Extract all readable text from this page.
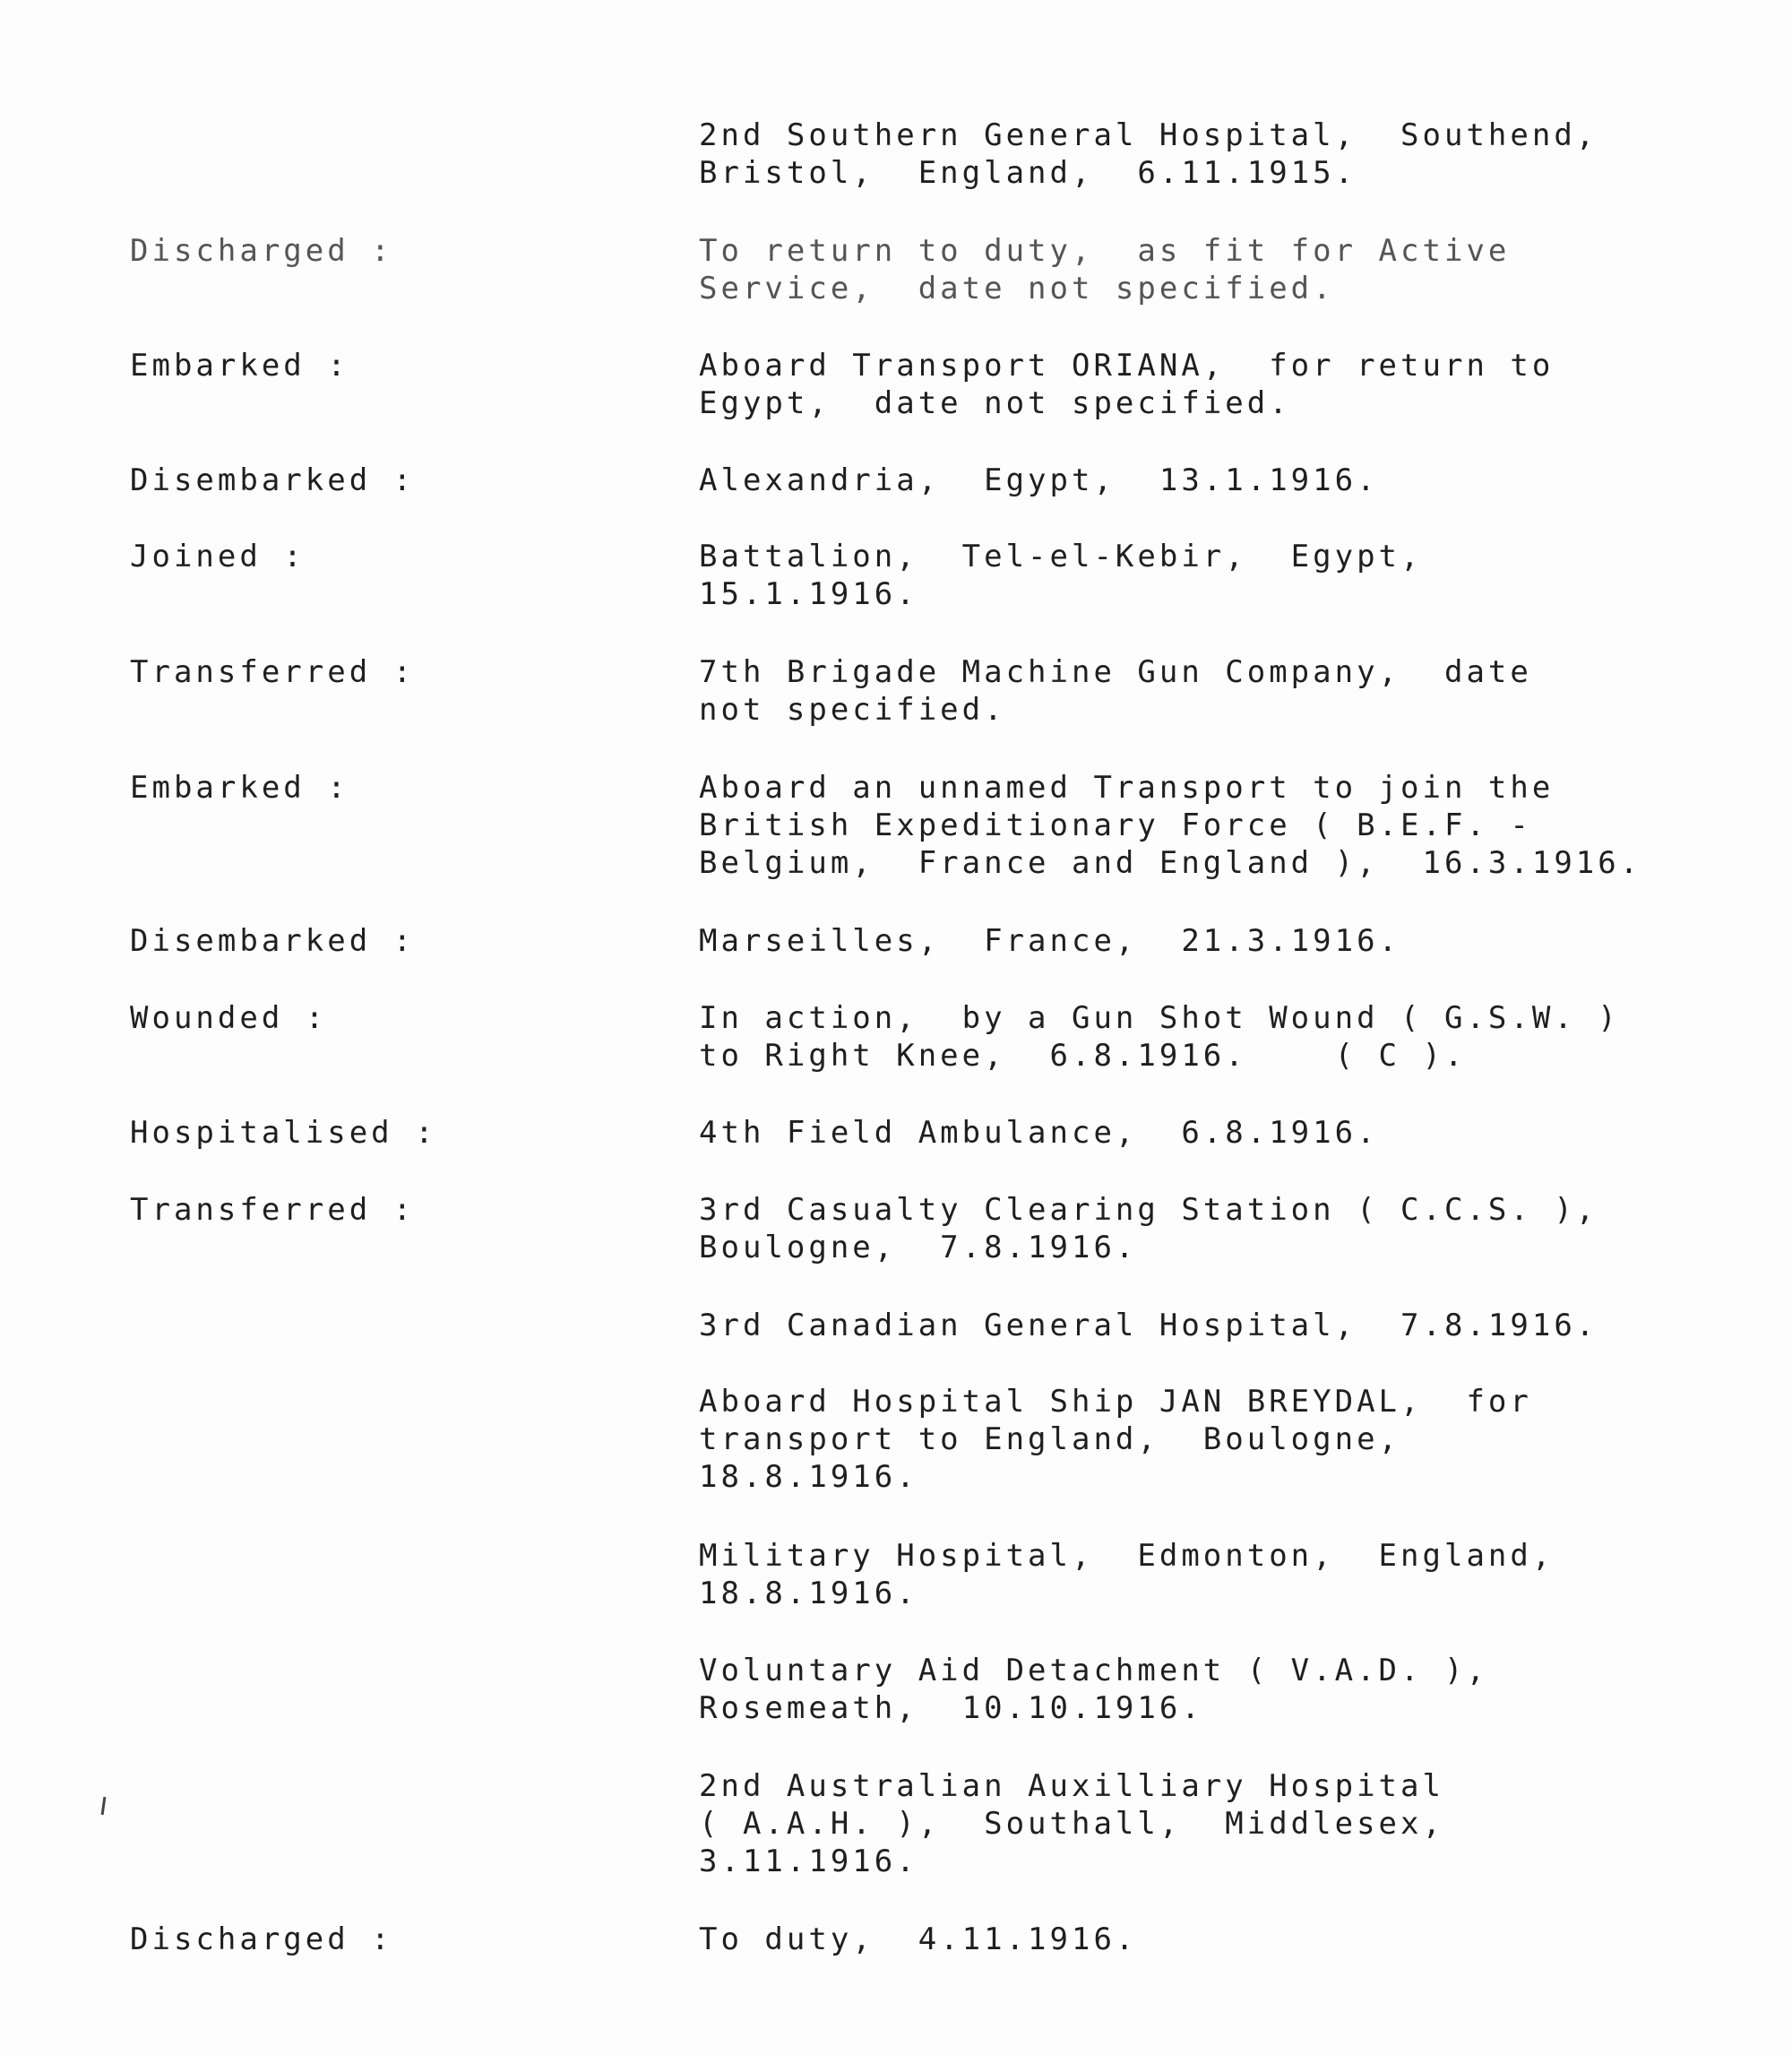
2nd Southern General Hospital,  Southend,
Bristol,  England,  6.11.1915.
Discharged :	To return to duty,  as fit for Active
Service,  date not specified.
Embarked :	Aboard Transport ORIANA,  for return to
Egypt,  date not specified.
Disembarked :	Alexandria,  Egypt,  13.1.1916.
Joined :	Battalion,  Tel-el-Kebir,  Egypt,
15.1.1916.
Transferred :	7th Brigade Machine Gun Company,  date
not specified.
Embarked :	Aboard an unnamed Transport to join the
British Expeditionary Force ( B.E.F. -
Belgium,  France and England ),  16.3.1916.
Disembarked :	Marseilles,  France,  21.3.1916.
Wounded :	In action,  by a Gun Shot Wound ( G.S.W. )
to Right Knee,  6.8.1916.    ( C ).
Hospitalised :	4th Field Ambulance,  6.8.1916.
Transferred :	3rd Casualty Clearing Station ( C.C.S. ),
Boulogne,  7.8.1916.
3rd Canadian General Hospital,  7.8.1916.
Aboard Hospital Ship JAN BREYDAL,  for
transport to England,  Boulogne,
18.8.1916.
Military Hospital,  Edmonton,  England,
18.8.1916.
Voluntary Aid Detachment ( V.A.D. ),
Rosemeath,  10.10.1916.
2nd Australian Auxilliary Hospital
( A.A.H. ),  Southall,  Middlesex,
3.11.1916.
Discharged :	To duty,  4.11.1916.
